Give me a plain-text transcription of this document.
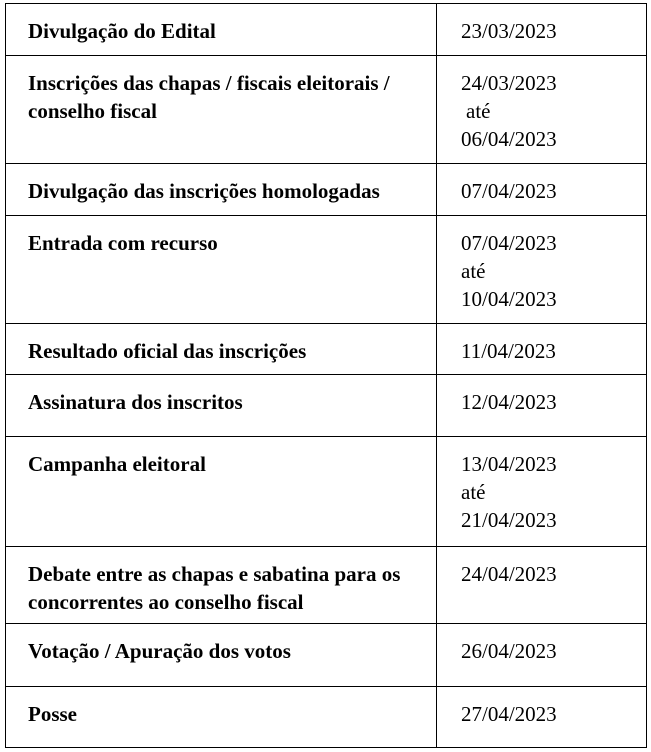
Divulgação do Edital	23/03/2023

Inscrições das chapas / fiscais eleitorais / conselho fiscal	24/03/2023
até
06/04/2023

Divulgação das inscrições homologadas	07/04/2023

Entrada com recurso	07/04/2023
até
10/04/2023

Resultado oficial das inscrições	11/04/2023

Assinatura dos inscritos	12/04/2023

Campanha eleitoral	13/04/2023
até
21/04/2023

Debate entre as chapas e sabatina para os concorrentes ao conselho fiscal	24/04/2023

Votação / Apuração dos votos	26/04/2023

Posse	27/04/2023
